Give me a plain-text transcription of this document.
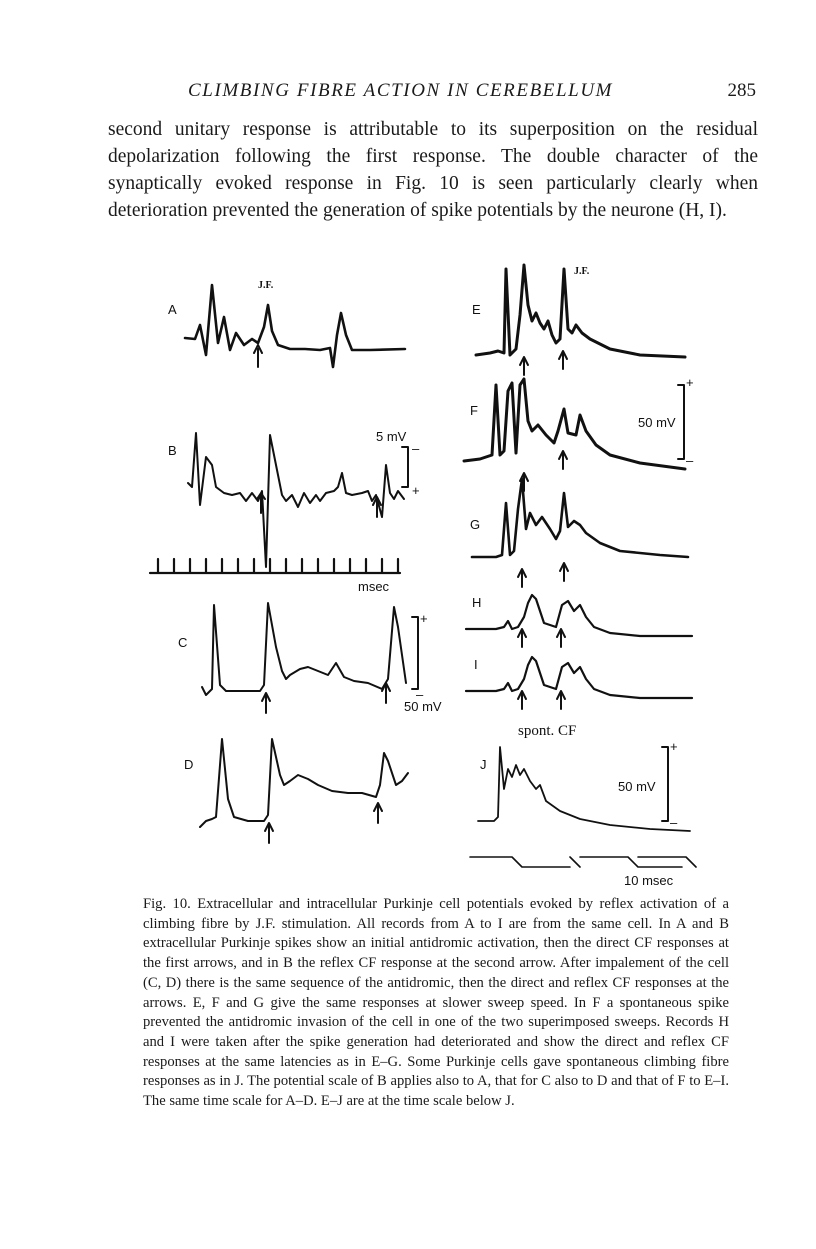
CLIMBING FIBRE ACTION IN CEREBELLUM	285
second unitary response is attributable to its superposition on the residual depolarization following the first response. The double character of the synaptically evoked response in Fig. 10 is seen particularly clearly when deterioration prevented the generation of spike potentials by the neurone (H, I).
A
B
C
D
E
F
G
H
I
J
J.F.
J.F.
5 mV
msec
50 mV
50 mV
50 mV
10 msec
spont. CF
–
+
+
–
+
–
+
–

Fig. 10. Extracellular and intracellular Purkinje cell potentials evoked by reflex activation of a climbing fibre by J.F. stimulation. All records from A to I are from the same cell. In A and B extracellular Purkinje spikes show an initial antidromic activation, then the direct CF responses at the first arrows, and in B the reflex CF response at the second arrow. After impalement of the cell (C, D) there is the same sequence of the antidromic, then the direct and reflex CF responses at the arrows. E, F and G give the same responses at slower sweep speed. In F a spontaneous spike prevented the antidromic invasion of the cell in one of the two superimposed sweeps. Records H and I were taken after the spike generation had deteriorated and show the direct and reflex CF responses at the same latencies as in E–G. Some Purkinje cells gave spontaneous climbing fibre responses as in J. The potential scale of B applies also to A, that for C also to D and that of F to E–I. The same time scale for A–D. E–J are at the time scale below J.
